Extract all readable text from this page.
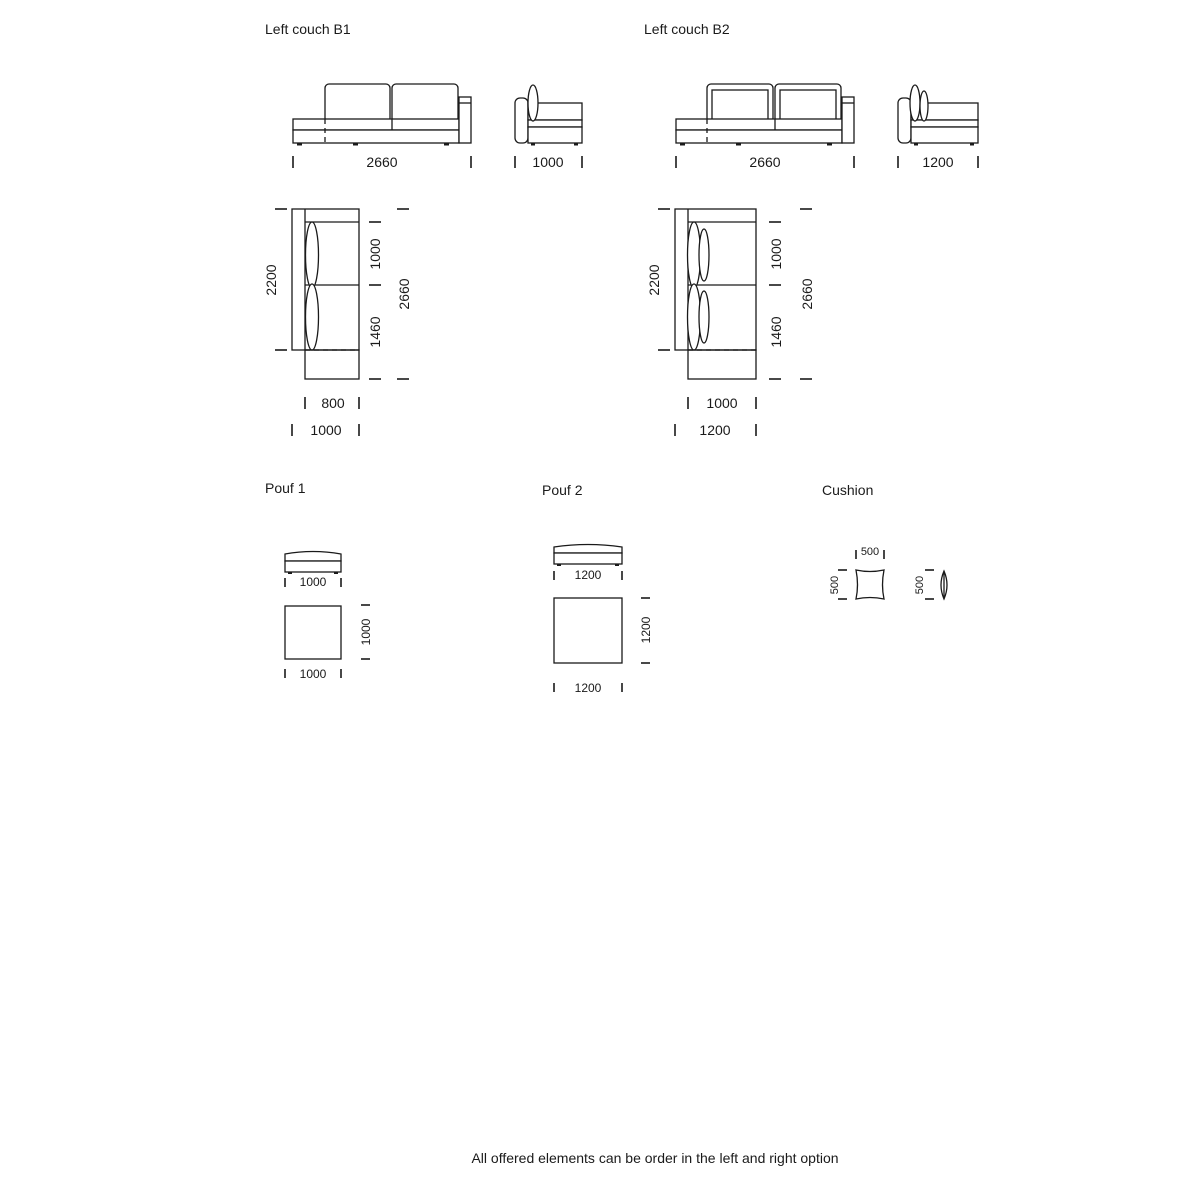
Left couch B1
2660	1000
2200
1000
1460
2660
800
1000
Left couch B2
2660	1200
2200
1000
1460
2660
1000
1200
Pouf 1
1000
1000
1000
Pouf 2
1200
1200
1200
Cushion
500
500	500
All offered elements can be order in the left and right option
